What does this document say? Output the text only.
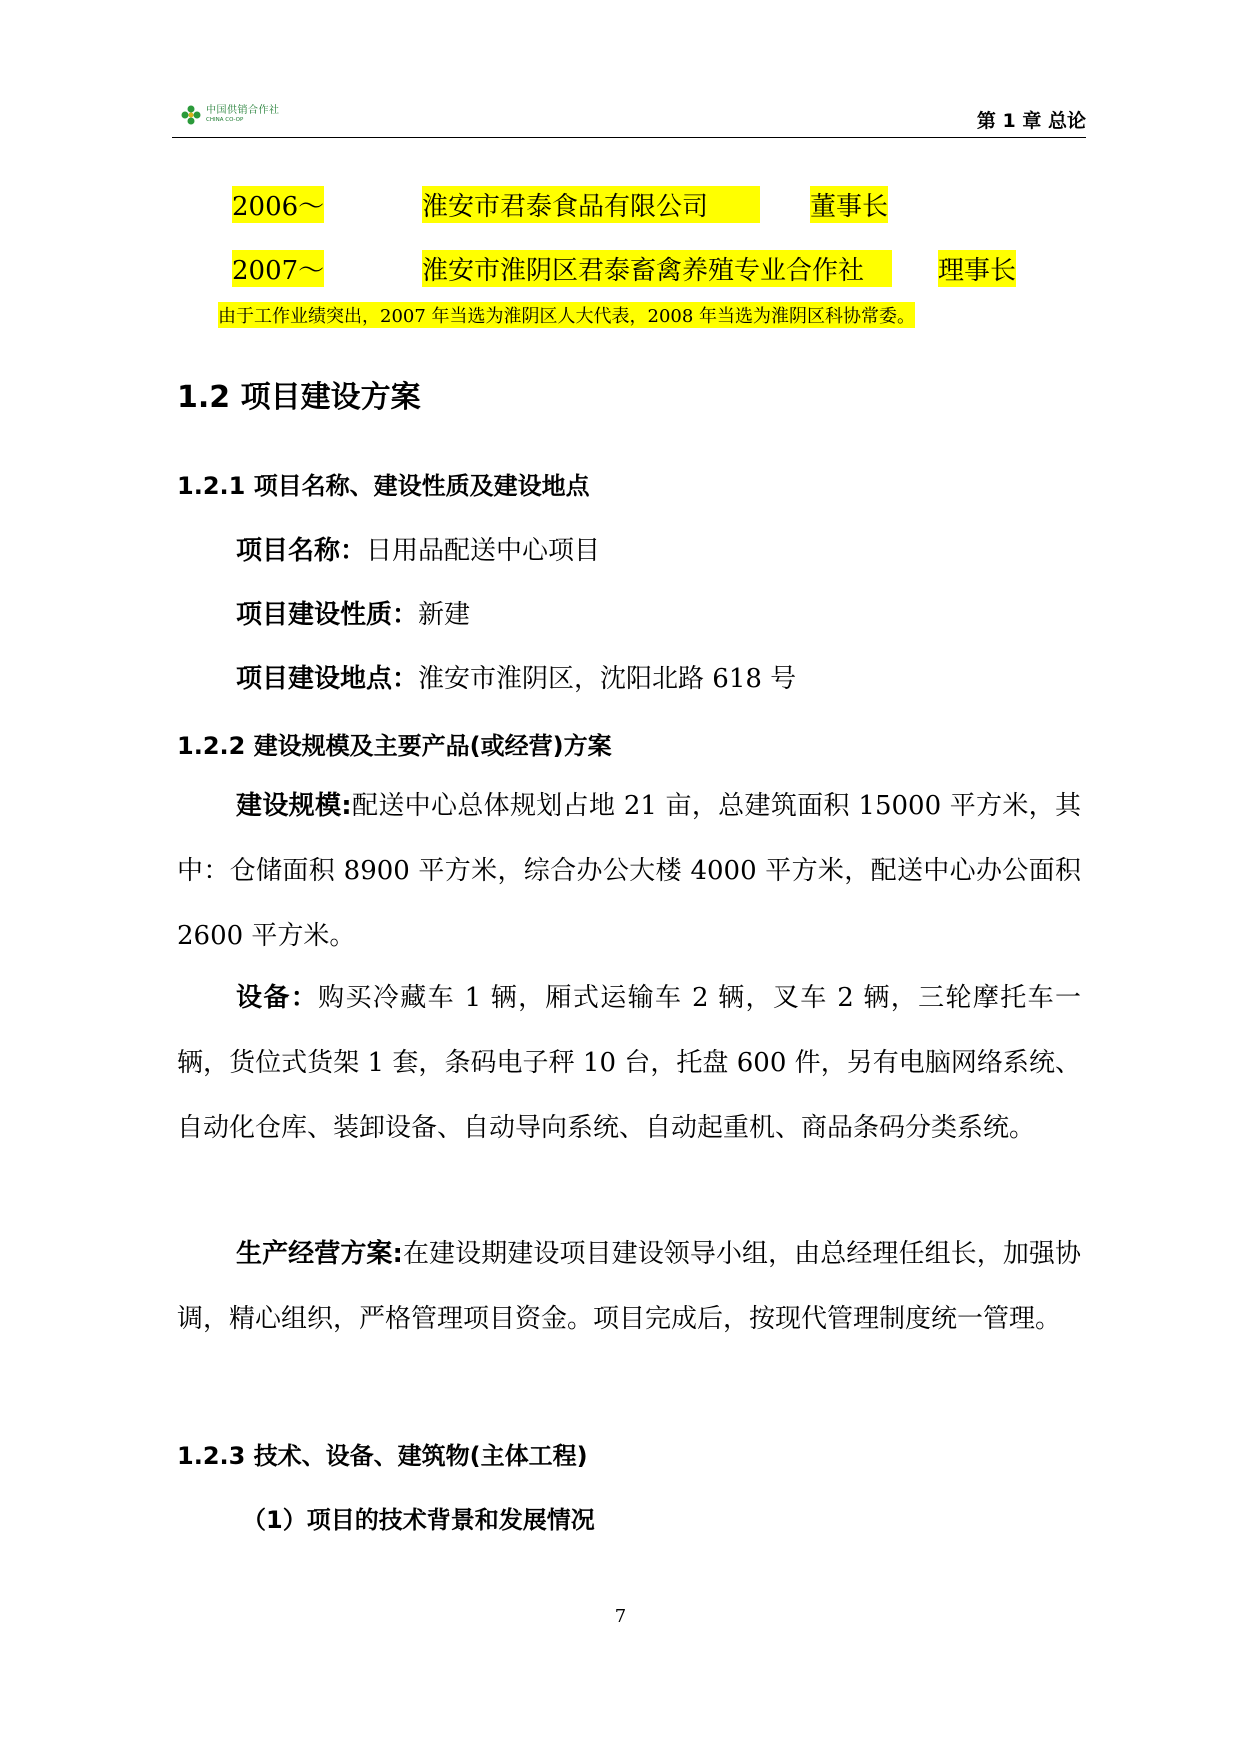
中国供销合作社
CHINA CO-OP	第 1 章 总论
2006～	淮安市君泰食品有限公司	董事长
2007～	淮安市淮阴区君泰畜禽养殖专业合作社	理事长
由于工作业绩突出，2007 年当选为淮阴区人大代表，2008 年当选为淮阴区科协常委。
1.2 项目建设方案
1.2.1 项目名称、建设性质及建设地点
项目名称：日用品配送中心项目
项目建设性质：新建
项目建设地点：淮安市淮阴区，沈阳北路 618 号
1.2.2 建设规模及主要产品(或经营)方案
建设规模:配送中心总体规划占地 21 亩，总建筑面积 15000 平方米，其中：仓储面积 8900 平方米，综合办公大楼 4000 平方米，配送中心办公面积 2600 平方米。
设备：购买冷藏车 1 辆，厢式运输车 2 辆，叉车 2 辆，三轮摩托车一辆，货位式货架 1 套，条码电子秤 10 台，托盘 600 件，另有电脑网络系统、自动化仓库、装卸设备、自动导向系统、自动起重机、商品条码分类系统。
生产经营方案:在建设期建设项目建设领导小组，由总经理任组长，加强协调，精心组织，严格管理项目资金。项目完成后，按现代管理制度统一管理。
1.2.3 技术、设备、建筑物(主体工程)
（1）项目的技术背景和发展情况
7
